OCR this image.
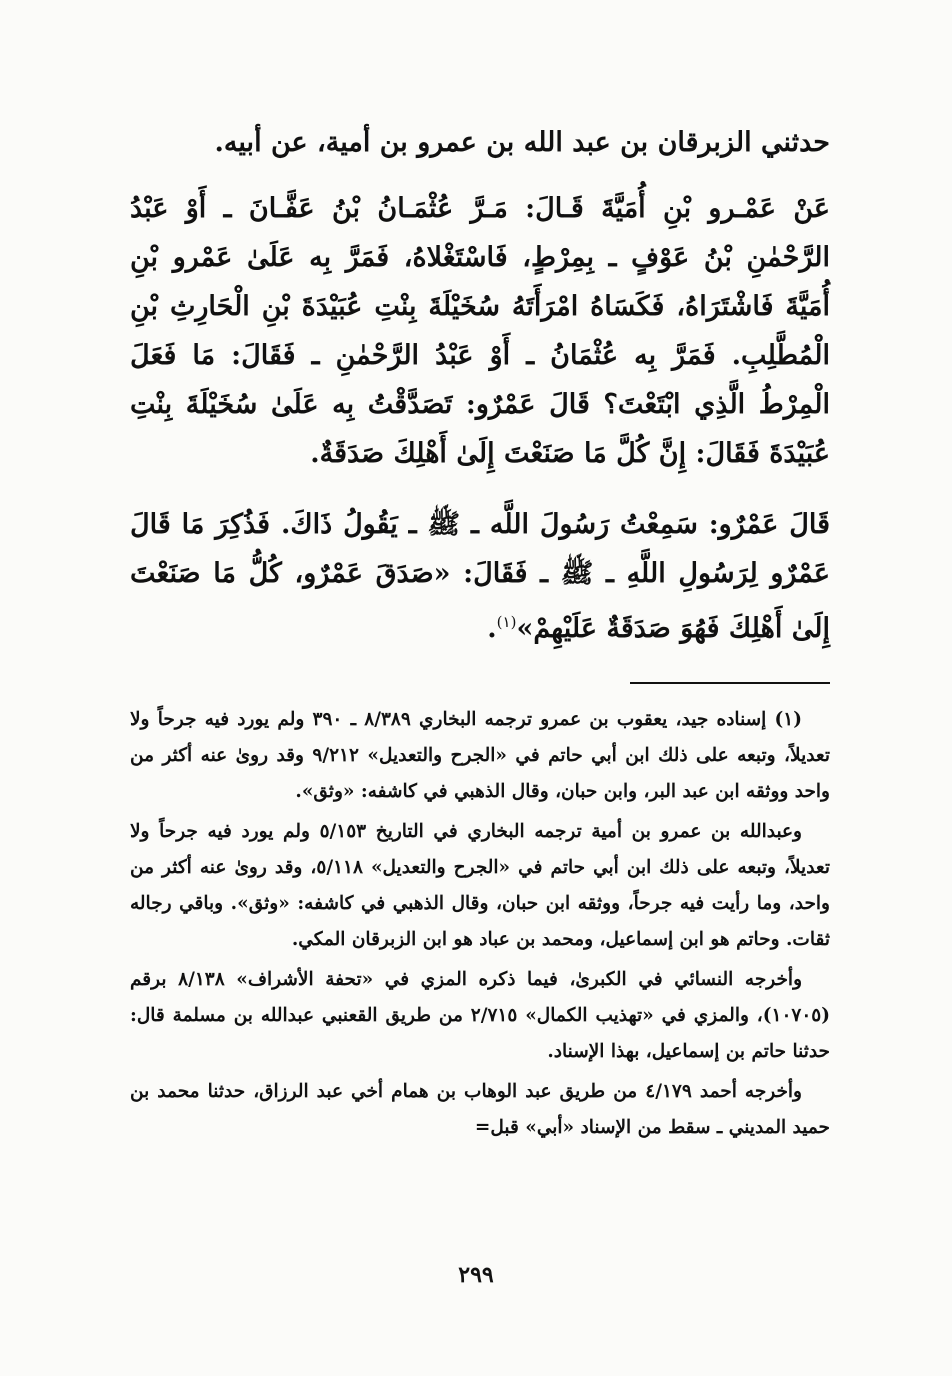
حدثني الزبرقان بن عبد الله بن عمرو بن أمية، عن أبيه.

عَنْ عَمْـرو بْنِ أُمَيَّةَ قَـالَ: مَـرَّ عُثْمَـانُ بْنُ عَفَّـانَ ـ أَوْ عَبْدُ الرَّحْمٰنِ بْنُ عَوْفٍ ـ بِمِرْطٍ، فَاسْتَغْلاهُ، فَمَرَّ بِه عَلَىٰ عَمْرو بْنِ أُمَيَّةَ فَاشْتَرَاهُ، فَكَسَاهُ امْرَأَتَهُ سُخَيْلَةَ بِنْتِ عُبَيْدَةَ بْنِ الْحَارِثِ بْنِ الْمُطَّلِبِ. فَمَرَّ بِه عُثْمَانُ ـ أَوْ عَبْدُ الرَّحْمٰنِ ـ فَقَالَ: مَا فَعَلَ الْمِرْطُ الَّذِي ابْتَعْتَ؟ قَالَ عَمْرٌو: تَصَدَّقْتُ بِه عَلَىٰ سُخَيْلَةَ بِنْتِ عُبَيْدَةَ فَقَالَ: إِنَّ كُلَّ مَا صَنَعْتَ إِلَىٰ أَهْلِكَ صَدَقَةٌ.

قَالَ عَمْرٌو: سَمِعْتُ رَسُولَ اللَّه ـ ﷺ ـ يَقُولُ ذَاكَ. فَذُكِرَ مَا قَالَ عَمْرٌو لِرَسُولِ اللَّهِ ـ ﷺ ـ فَقَالَ: «صَدَقَ عَمْرٌو، كُلُّ مَا صَنَعْتَ إِلَىٰ أَهْلِكَ فَهُوَ صَدَقَةٌ عَلَيْهِمْ»$^{(١)}$.

(١) إسناده جيد، يعقوب بن عمرو ترجمه البخاري ٨/٣٨٩ ـ ٣٩٠ ولم يورد فيه جرحاً ولا تعديلاً، وتبعه على ذلك ابن أبي حاتم في «الجرح والتعديل» ٩/٢١٢ وقد روىٰ عنه أكثر من واحد ووثقه ابن عبد البر، وابن حبان، وقال الذهبي في كاشفه: «وثق».

وعبدالله بن عمرو بن أمية ترجمه البخاري في التاريخ ٥/١٥٣ ولم يورد فيه جرحاً ولا تعديلاً، وتبعه على ذلك ابن أبي حاتم في «الجرح والتعديل» ٥/١١٨، وقد روىٰ عنه أكثر من واحد، وما رأيت فيه جرحاً، ووثقه ابن حبان، وقال الذهبي في كاشفه: «وثق». وباقي رجاله ثقات. وحاتم هو ابن إسماعيل، ومحمد بن عباد هو ابن الزبرقان المكي.

وأخرجه النسائي في الكبرىٰ، فيما ذكره المزي في «تحفة الأشراف» ٨/١٣٨ برقم (١٠٧٠٥)، والمزي في «تهذيب الكمال» ٢/٧١٥ من طريق القعنبي عبدالله بن مسلمة قال: حدثنا حاتم بن إسماعيل، بهذا الإسناد.

وأخرجه أحمد ٤/١٧٩ من طريق عبد الوهاب بن همام أخي عبد الرزاق، حدثنا محمد بن حميد المديني ـ سقط من الإسناد «أبي» قبل=

٢٩٩
